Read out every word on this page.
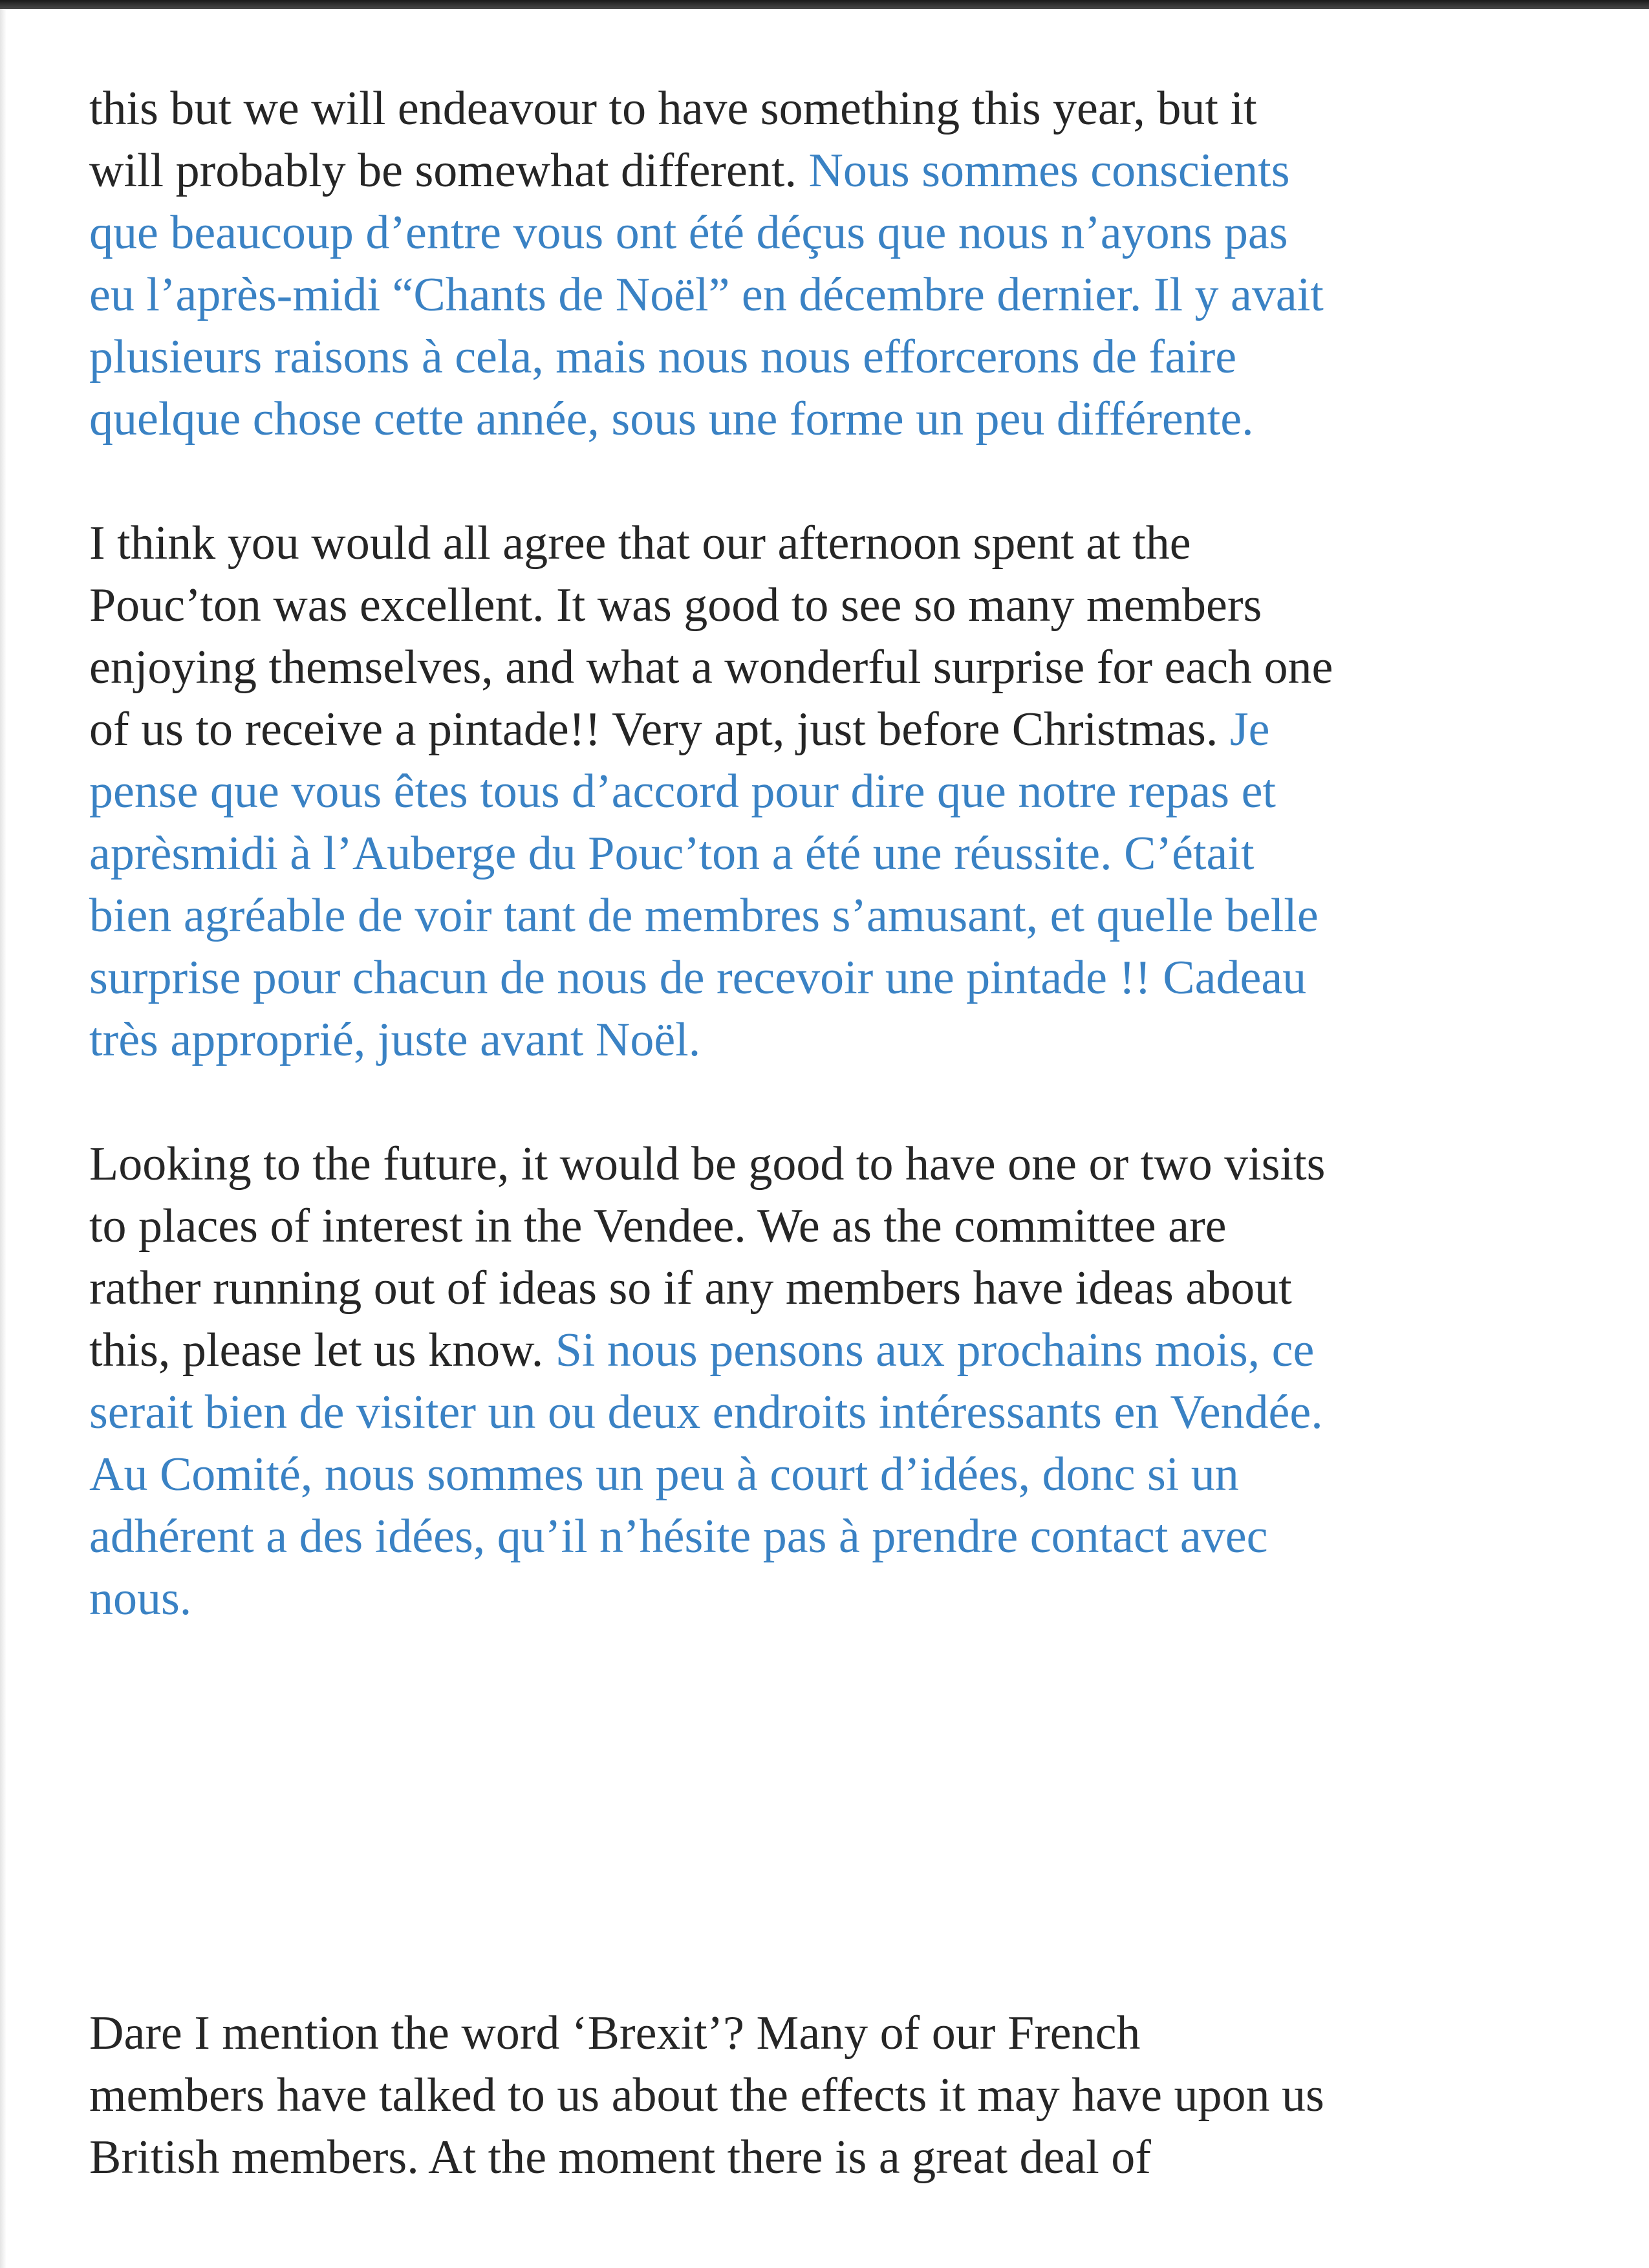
this but we will endeavour to have something this year, but it
will probably be somewhat different. Nous sommes conscients
que beaucoup d’entre vous ont été déçus que nous n’ayons pas
eu l’après-midi “Chants de Noël” en décembre dernier. Il y avait
plusieurs raisons à cela, mais nous nous efforcerons de faire
quelque chose cette année, sous une forme un peu différente.

I think you would all agree that our afternoon spent at the
Pouc’ton was excellent. It was good to see so many members
enjoying themselves, and what a wonderful surprise for each one
of us to receive a pintade!! Very apt, just before Christmas. Je
pense que vous êtes tous d’accord pour dire que notre repas et
aprèsmidi à l’Auberge du Pouc’ton a été une réussite. C’était
bien agréable de voir tant de membres s’amusant, et quelle belle
surprise pour chacun de nous de recevoir une pintade !! Cadeau
très approprié, juste avant Noël.

Looking to the future, it would be good to have one or two visits
to places of interest in the Vendee. We as the committee are
rather running out of ideas so if any members have ideas about
this, please let us know. Si nous pensons aux prochains mois, ce
serait bien de visiter un ou deux endroits intéressants en Vendée.
Au Comité, nous sommes un peu à court d’idées, donc si un
adhérent a des idées, qu’il n’hésite pas à prendre contact avec
nous.

Dare I mention the word ‘Brexit’? Many of our French
members have talked to us about the effects it may have upon us
British members. At the moment there is a great deal of
